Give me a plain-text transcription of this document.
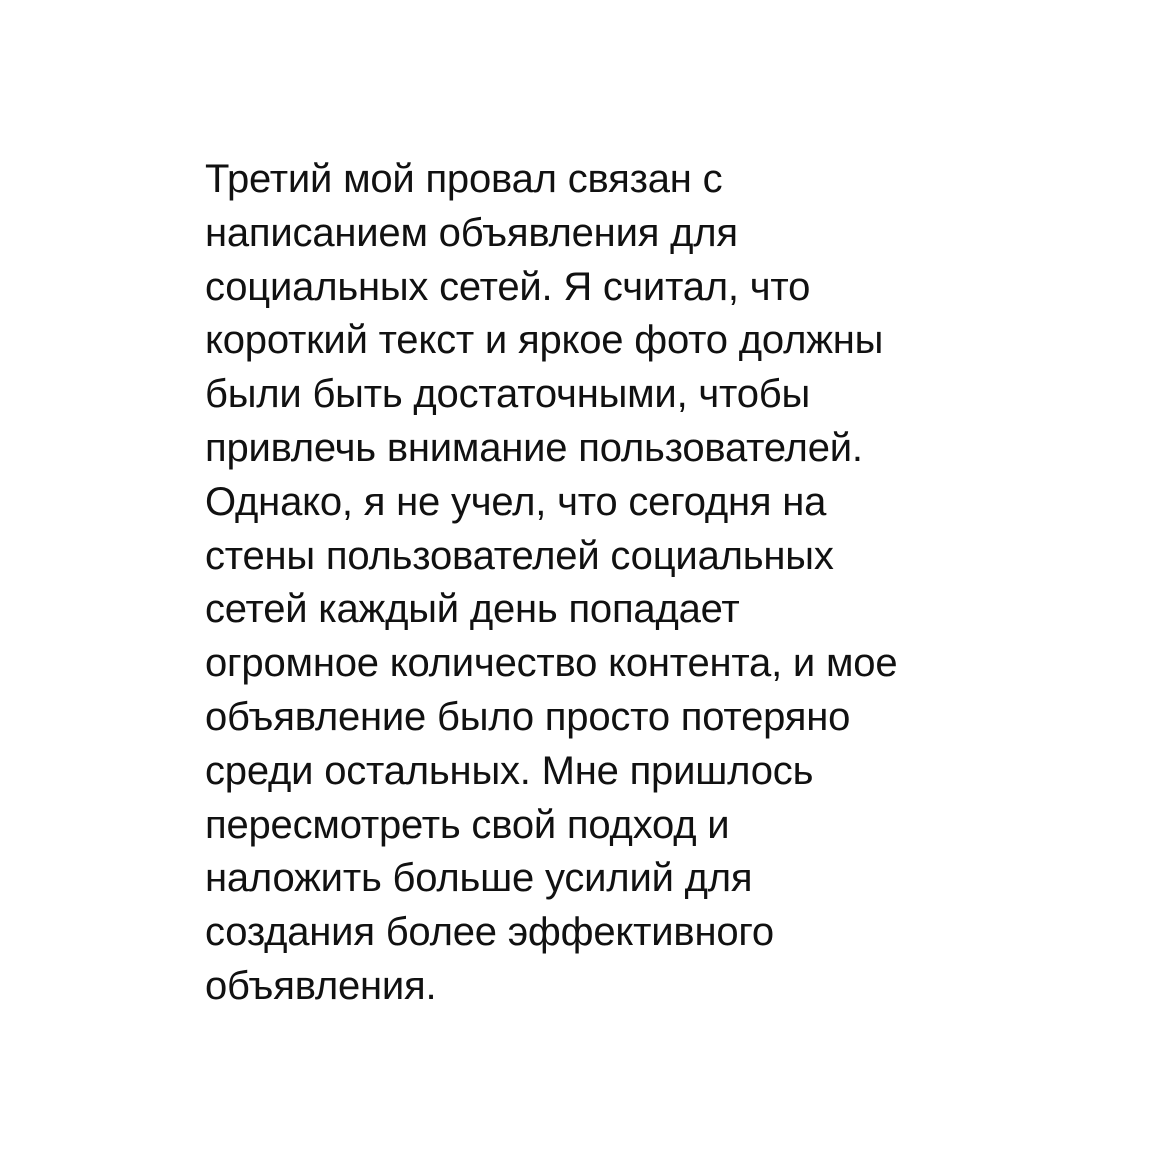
Третий мой провал связан с
написанием объявления для
социальных сетей. Я считал, что
короткий текст и яркое фото должны
были быть достаточными, чтобы
привлечь внимание пользователей.
Однако, я не учел, что сегодня на
стены пользователей социальных
сетей каждый день попадает
огромное количество контента, и мое
объявление было просто потеряно
среди остальных. Мне пришлось
пересмотреть свой подход и
наложить больше усилий для
создания более эффективного
объявления.
